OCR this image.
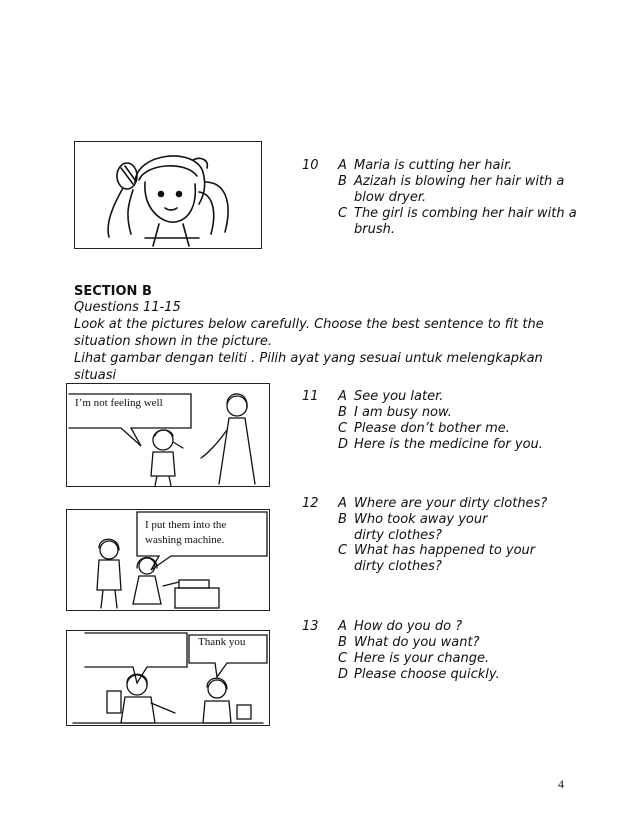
10 A Maria is cutting her hair.
B Azizah is blowing her hair with a
blow dryer.
C The girl is combing her hair with a
brush.
SECTION B
Questions 11-15
Look at the pictures below carefully. Choose the best sentence to fit the
situation shown in the picture.
Lihat gambar dengan teliti . Pilih ayat yang sesuai untuk melengkapkan situasi

I’m not feeling well	11 A See you later.
B I am busy now.
C Please don’t bother me.
D Here is the medicine for you.
I put them into the
washing machine.
12 A Where are your dirty clothes?
B Who took away your
dirty clothes?
C What has happened to your
dirty clothes?
Thank you
13 A How do you do ?
B What do you want?
C Here is your change.
D Please choose quickly.
4
